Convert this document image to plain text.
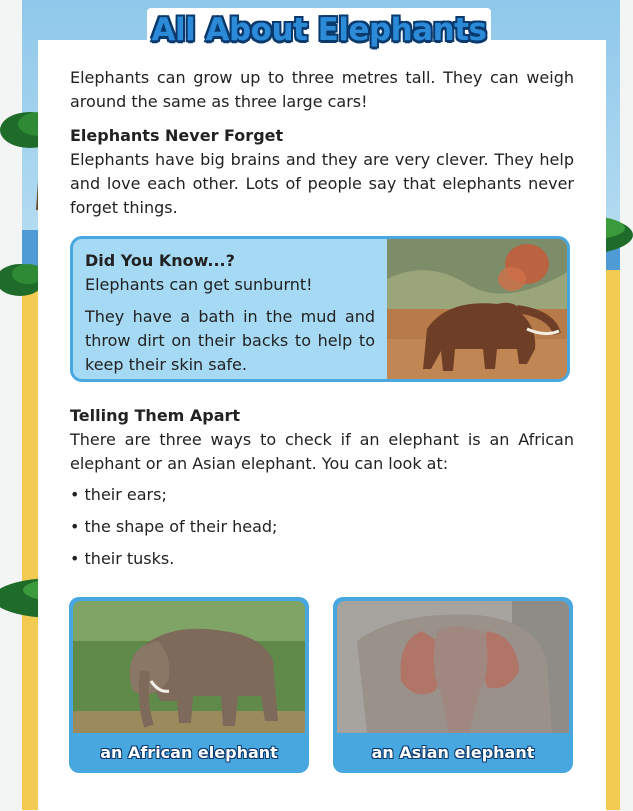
All About Elephants

Elephants can grow up to three metres tall. They can weigh around the same as three large cars!

Elephants Never Forget

Elephants have big brains and they are very clever. They help and love each other. Lots of people say that elephants never forget things.

Did You Know...?
Elephants can get sunburnt!
They have a bath in the mud and throw dirt on their backs to help to keep their skin safe.

Telling Them Apart

There are three ways to check if an elephant is an African elephant or an Asian elephant. You can look at:

• their ears;
• the shape of their head;
• their tusks.
an African elephant	an Asian elephant
